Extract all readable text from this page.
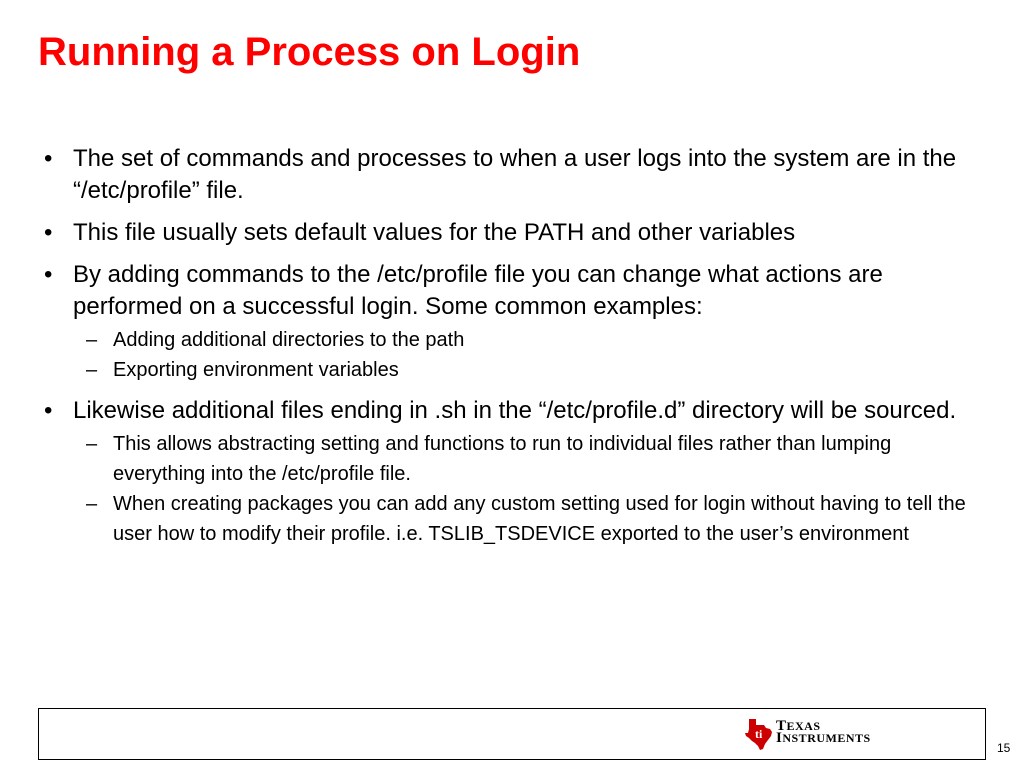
Running a Process on Login
• The set of commands and processes to when a user logs into the system are in the “/etc/profile” file.
• This file usually sets default values for the PATH and other variables
• By adding commands to the /etc/profile file you can change what actions are performed on a successful login. Some common examples:
– Adding additional directories to the path
– Exporting environment variables
• Likewise additional files ending in .sh in the “/etc/profile.d” directory will be sourced.
– This allows abstracting setting and functions to run to individual files rather than lumping everything into the /etc/profile file.
– When creating packages you can add any custom setting used for login without having to tell the user how to modify their profile. i.e. TSLIB_TSDEVICE exported to the user’s environment
ti TEXAS
INSTRUMENTS
15
